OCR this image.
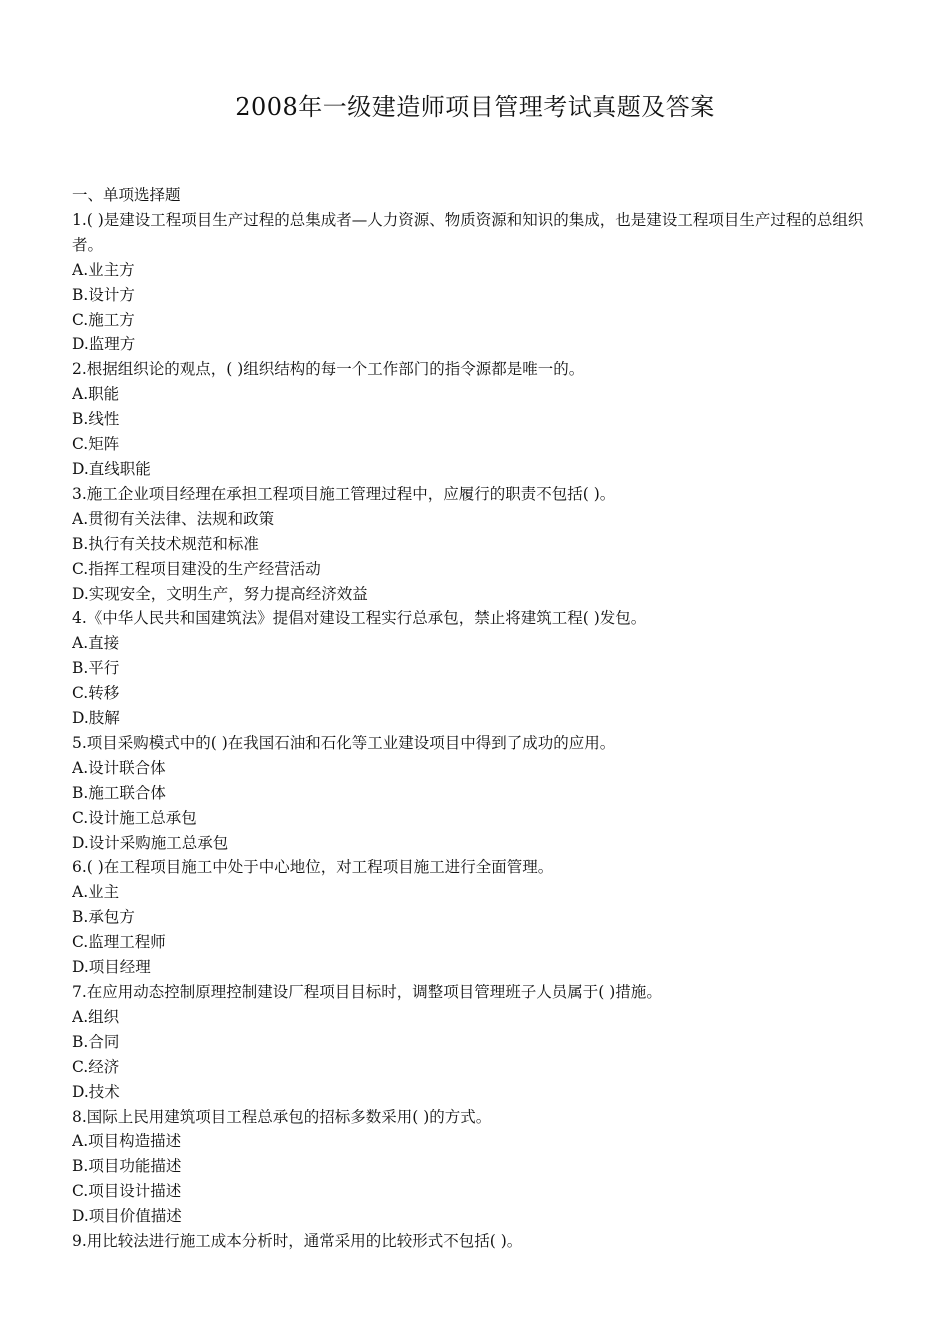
2008年一级建造师项目管理考试真题及答案
一、单项选择题
1.( )是建设工程项目生产过程的总集成者—人力资源、物质资源和知识的集成，也是建设工程项目生产过程的总组织者。
A.业主方
B.设计方
C.施工方
D.监理方
2.根据组织论的观点，( )组织结构的每一个工作部门的指令源都是唯一的。
A.职能
B.线性
C.矩阵
D.直线职能
3.施工企业项目经理在承担工程项目施工管理过程中，应履行的职责不包括( )。
A.贯彻有关法律、法规和政策
B.执行有关技术规范和标准
C.指挥工程项目建没的生产经营活动
D.实现安全，文明生产，努力提高经济效益
4.《中华人民共和国建筑法》提倡对建设工程实行总承包，禁止将建筑工程( )发包。
A.直接
B.平行
C.转移
D.肢解
5.项目采购模式中的( )在我国石油和石化等工业建设项目中得到了成功的应用。
A.设计联合体
B.施工联合体
C.设计施工总承包
D.设计采购施工总承包
6.( )在工程项目施工中处于中心地位，对工程项目施工进行全面管理。
A.业主
B.承包方
C.监理工程师
D.项目经理
7.在应用动态控制原理控制建设厂程项目目标时，调整项目管理班子人员属于( )措施。
A.组织
B.合同
C.经济
D.技术
8.国际上民用建筑项目工程总承包的招标多数采用( )的方式。
A.项目构造描述
B.项目功能描述
C.项目设计描述
D.项目价值描述
9.用比较法进行施工成本分析时，通常采用的比较形式不包括( )。
